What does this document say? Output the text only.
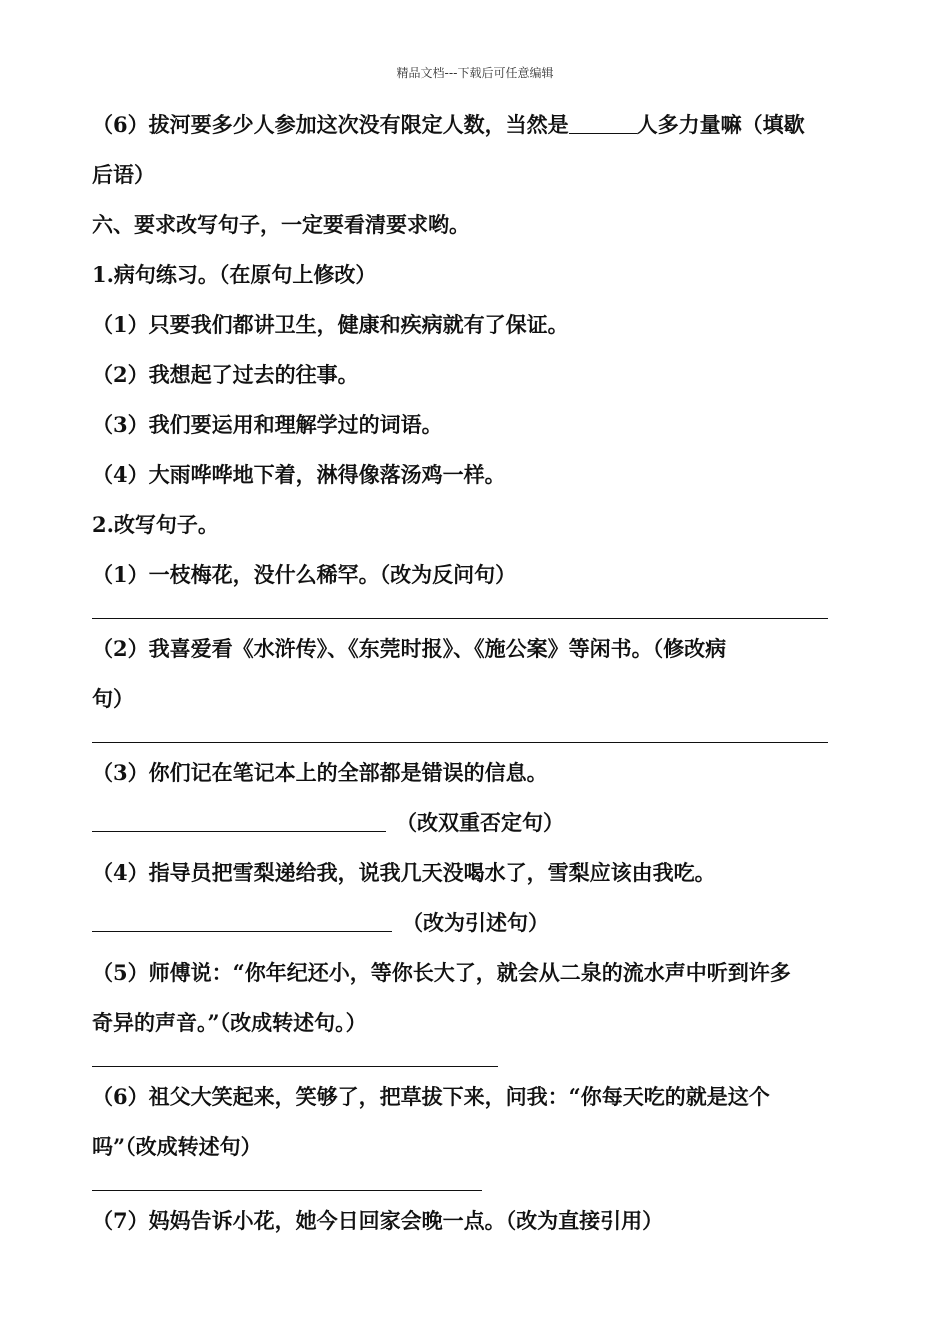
精品文档---下载后可任意编辑
（6）拔河要多少人参加这次没有限定人数，当然是	人多力量嘛（填歇
后语）
六、要求改写句子，一定要看清要求哟。
1.病句练习。（在原句上修改）
（1）只要我们都讲卫生，健康和疾病就有了保证。
（2）我想起了过去的往事。
（3）我们要运用和理解学过的词语。
（4）大雨哗哗地下着，淋得像落汤鸡一样。
2.改写句子。
（1）一枝梅花，没什么稀罕。（改为反问句）
（2）我喜爱看《水浒传》、《东莞时报》、《施公案》等闲书。（修改病
句）
（3）你们记在笔记本上的全部都是错误的信息。
（改双重否定句）
（4）指导员把雪梨递给我，说我几天没喝水了，雪梨应该由我吃。
（改为引述句）
（5）师傅说：“你年纪还小，等你长大了，就会从二泉的流水声中听到许多
奇异的声音。”（改成转述句。）
（6）祖父大笑起来，笑够了，把草拔下来，问我：“你每天吃的就是这个
吗”（改成转述句）
（7）妈妈告诉小花，她今日回家会晚一点。（改为直接引用）
